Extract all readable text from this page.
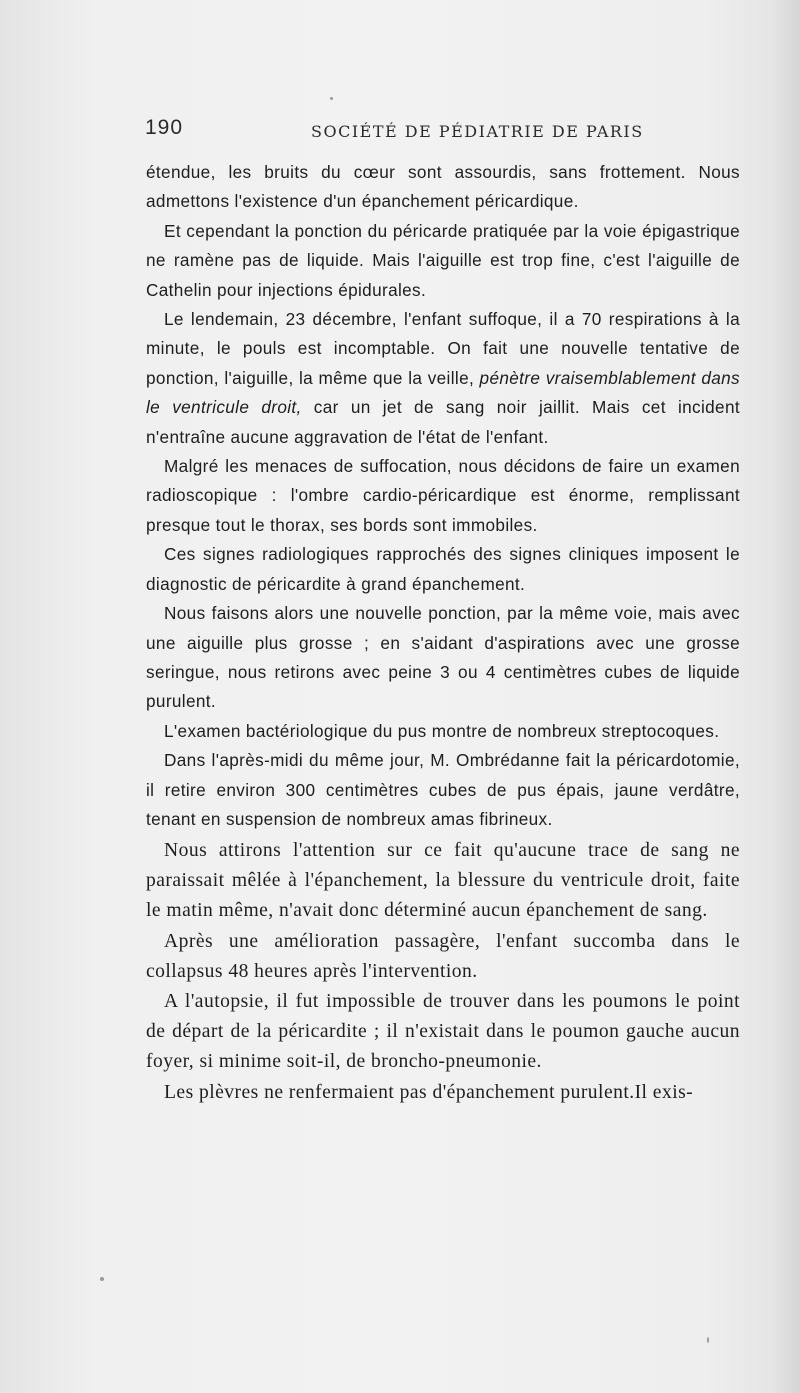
190	SOCIÉTÉ DE PÉDIATRIE DE PARIS

étendue, les bruits du cœur sont assourdis, sans frottement. Nous admettons l'existence d'un épanchement péricardique.

Et cependant la ponction du péricarde pratiquée par la voie épigastrique ne ramène pas de liquide. Mais l'aiguille est trop fine, c'est l'aiguille de Cathelin pour injections épidurales.

Le lendemain, 23 décembre, l'enfant suffoque, il a 70 respirations à la minute, le pouls est incomptable. On fait une nouvelle tentative de ponction, l'aiguille, la même que la veille, pénètre vraisemblablement dans le ventricule droit, car un jet de sang noir jaillit. Mais cet incident n'entraîne aucune aggravation de l'état de l'enfant.

Malgré les menaces de suffocation, nous décidons de faire un examen radioscopique : l'ombre cardio-péricardique est énorme, remplissant presque tout le thorax, ses bords sont immobiles.

Ces signes radiologiques rapprochés des signes cliniques imposent le diagnostic de péricardite à grand épanchement.

Nous faisons alors une nouvelle ponction, par la même voie, mais avec une aiguille plus grosse ; en s'aidant d'aspirations avec une grosse seringue, nous retirons avec peine 3 ou 4 centimètres cubes de liquide purulent.

L'examen bactériologique du pus montre de nombreux streptocoques.

Dans l'après-midi du même jour, M. Ombrédanne fait la péricardotomie, il retire environ 300 centimètres cubes de pus épais, jaune verdâtre, tenant en suspension de nombreux amas fibrineux.

Nous attirons l'attention sur ce fait qu'aucune trace de sang ne paraissait mêlée à l'épanchement, la blessure du ventricule droit, faite le matin même, n'avait donc déterminé aucun épanchement de sang.

Après une amélioration passagère, l'enfant succomba dans le collapsus 48 heures après l'intervention.

A l'autopsie, il fut impossible de trouver dans les poumons le point de départ de la péricardite ; il n'existait dans le poumon gauche aucun foyer, si minime soit-il, de broncho-pneumonie.

Les plèvres ne renfermaient pas d'épanchement purulent.Il exis-
